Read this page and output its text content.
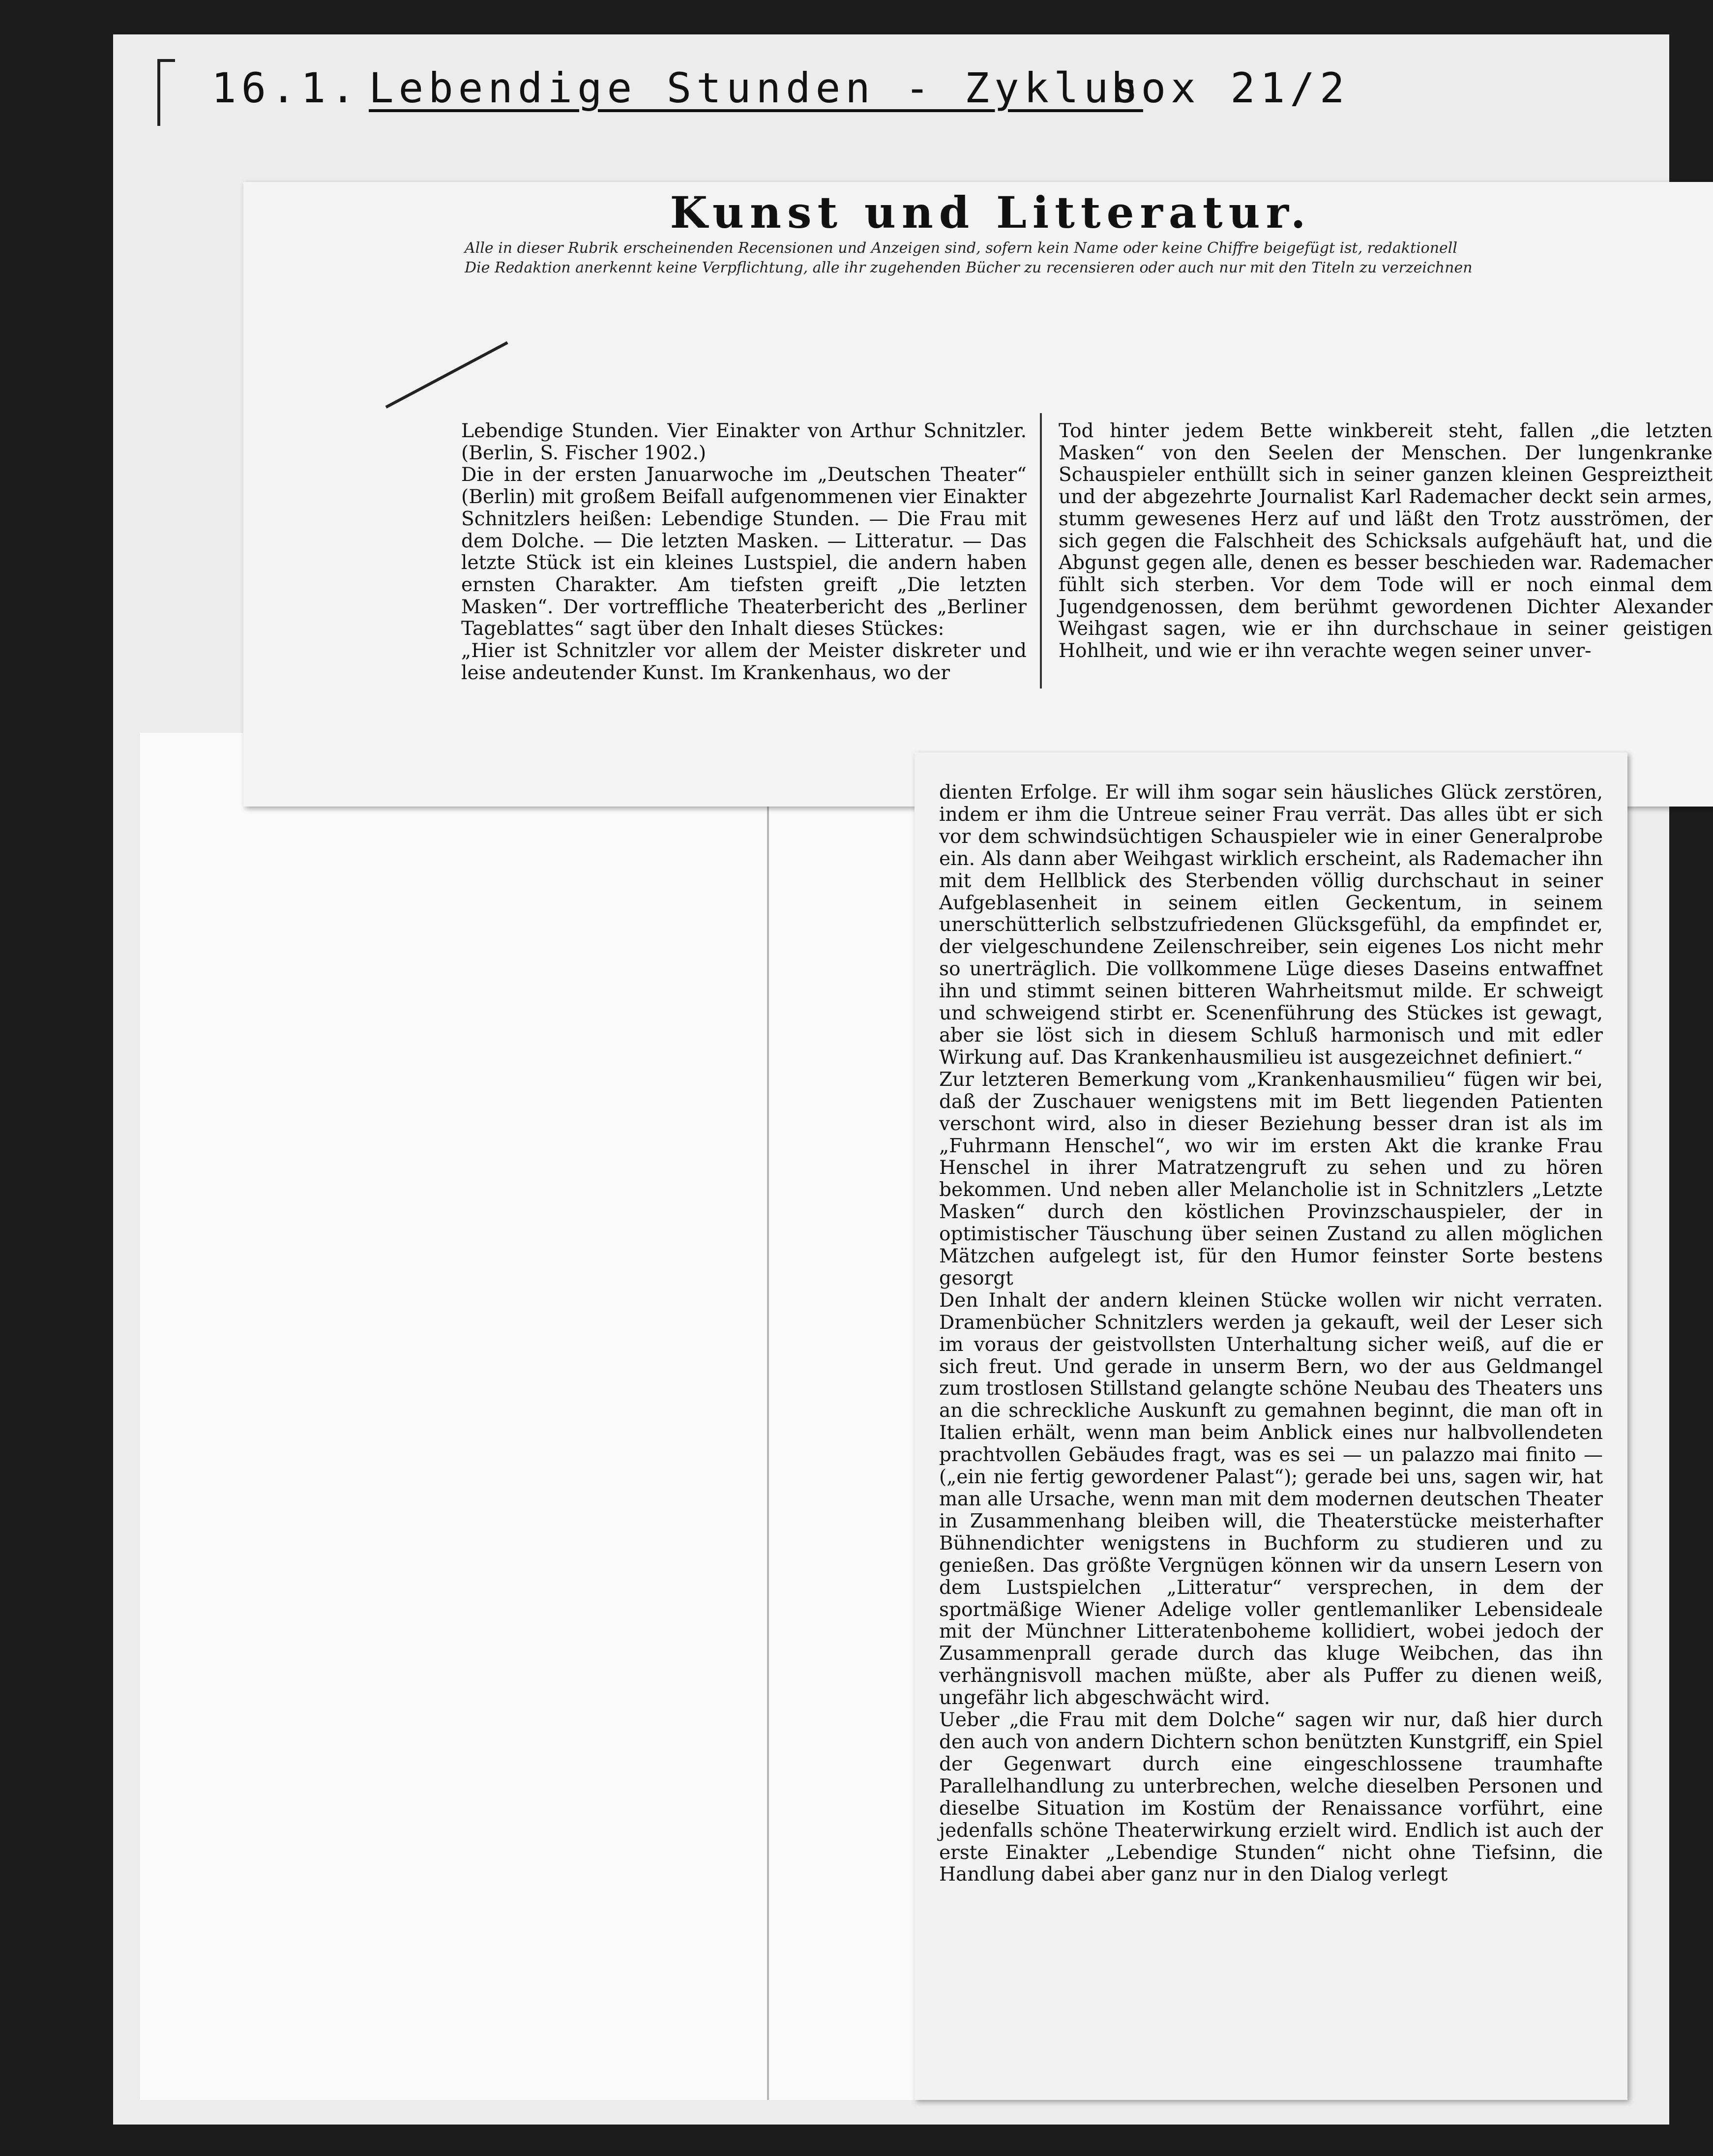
16.1. Lebendige Stunden - Zyklus
box 21/2
Kunst und Litteratur.
Alle in dieser Rubrik erscheinenden Recensionen und Anzeigen sind, sofern kein Name oder keine Chiffre beigefügt ist, redaktionell
Die Redaktion anerkennt keine Verpflichtung, alle ihr zugehenden Bücher zu recensieren oder auch nur mit den Titeln zu verzeichnen
Lebendige Stunden. Vier Einakter von Arthur Schnitzler. (Berlin, S. Fischer 1902.)
Die in der ersten Januarwoche im „Deutschen Theater“ (Berlin) mit großem Beifall aufgenommenen vier Einakter Schnitzlers heißen: Lebendige Stunden. — Die Frau mit dem Dolche. — Die letzten Masken. — Litteratur. — Das letzte Stück ist ein kleines Lustspiel, die andern haben ernsten Charakter. Am tiefsten greift „Die letzten Masken“. Der vortreffliche Theaterbericht des „Berliner Tageblattes“ sagt über den Inhalt dieses Stückes:
„Hier ist Schnitzler vor allem der Meister diskreter und leise andeutender Kunst. Im Krankenhaus, wo der
Tod hinter jedem Bette winkbereit steht, fallen „die letzten Masken“ von den Seelen der Menschen. Der lungenkranke Schauspieler enthüllt sich in seiner ganzen kleinen Gespreiztheit und der abgezehrte Journalist Karl Rademacher deckt sein armes, stumm gewesenes Herz auf und läßt den Trotz ausströmen, der sich gegen die Falschheit des Schicksals aufgehäuft hat, und die Abgunst gegen alle, denen es besser beschieden war. Rademacher fühlt sich sterben. Vor dem Tode will er noch einmal dem Jugendgenossen, dem berühmt gewordenen Dichter Alexander Weihgast sagen, wie er ihn durchschaue in seiner geistigen Hohlheit, und wie er ihn verachte wegen seiner unver-
dienten Erfolge. Er will ihm sogar sein häusliches Glück zerstören, indem er ihm die Untreue seiner Frau verrät. Das alles übt er sich vor dem schwindsüchtigen Schauspieler wie in einer Generalprobe ein. Als dann aber Weihgast wirklich erscheint, als Rademacher ihn mit dem Hellblick des Sterbenden völlig durchschaut in seiner Aufgeblasenheit in seinem eitlen Geckentum, in seinem unerschütterlich selbstzufriedenen Glücksgefühl, da empfindet er, der vielgeschundene Zeilenschreiber, sein eigenes Los nicht mehr so unerträglich. Die vollkommene Lüge dieses Daseins entwaffnet ihn und stimmt seinen bitteren Wahrheitsmut milde. Er schweigt und schweigend stirbt er. Scenenführung des Stückes ist gewagt, aber sie löst sich in diesem Schluß harmonisch und mit edler Wirkung auf. Das Krankenhausmilieu ist ausgezeichnet definiert.“
Zur letzteren Bemerkung vom „Krankenhausmilieu“ fügen wir bei, daß der Zuschauer wenigstens mit im Bett liegenden Patienten verschont wird, also in dieser Beziehung besser dran ist als im „Fuhrmann Henschel“, wo wir im ersten Akt die kranke Frau Henschel in ihrer Matratzengruft zu sehen und zu hören bekommen. Und neben aller Melancholie ist in Schnitzlers „Letzte Masken“ durch den köstlichen Provinzschauspieler, der in optimistischer Täuschung über seinen Zustand zu allen möglichen Mätzchen aufgelegt ist, für den Humor feinster Sorte bestens gesorgt
Den Inhalt der andern kleinen Stücke wollen wir nicht verraten. Dramenbücher Schnitzlers werden ja gekauft, weil der Leser sich im voraus der geistvollsten Unterhaltung sicher weiß, auf die er sich freut. Und gerade in unserm Bern, wo der aus Geldmangel zum trostlosen Stillstand gelangte schöne Neubau des Theaters uns an die schreckliche Auskunft zu gemahnen beginnt, die man oft in Italien erhält, wenn man beim Anblick eines nur halbvollendeten prachtvollen Gebäudes fragt, was es sei — un palazzo mai finito — („ein nie fertig gewordener Palast“); gerade bei uns, sagen wir, hat man alle Ursache, wenn man mit dem modernen deutschen Theater in Zusammenhang bleiben will, die Theaterstücke meisterhafter Bühnendichter wenigstens in Buchform zu studieren und zu genießen. Das größte Vergnügen können wir da unsern Lesern von dem Lustspielchen „Litteratur“ versprechen, in dem der sportmäßige Wiener Adelige voller gentlemanliker Lebensideale mit der Münchner Litteratenboheme kollidiert, wobei jedoch der Zusammenprall gerade durch das kluge Weibchen, das ihn verhängnisvoll machen müßte, aber als Puffer zu dienen weiß, ungefähr lich abgeschwächt wird.
Ueber „die Frau mit dem Dolche“ sagen wir nur, daß hier durch den auch von andern Dichtern schon benützten Kunstgriff, ein Spiel der Gegenwart durch eine eingeschlossene traumhafte Parallelhandlung zu unterbrechen, welche dieselben Personen und dieselbe Situation im Kostüm der Renaissance vorführt, eine jedenfalls schöne Theaterwirkung erzielt wird. Endlich ist auch der erste Einakter „Lebendige Stunden“ nicht ohne Tiefsinn, die Handlung dabei aber ganz nur in den Dialog verlegt
